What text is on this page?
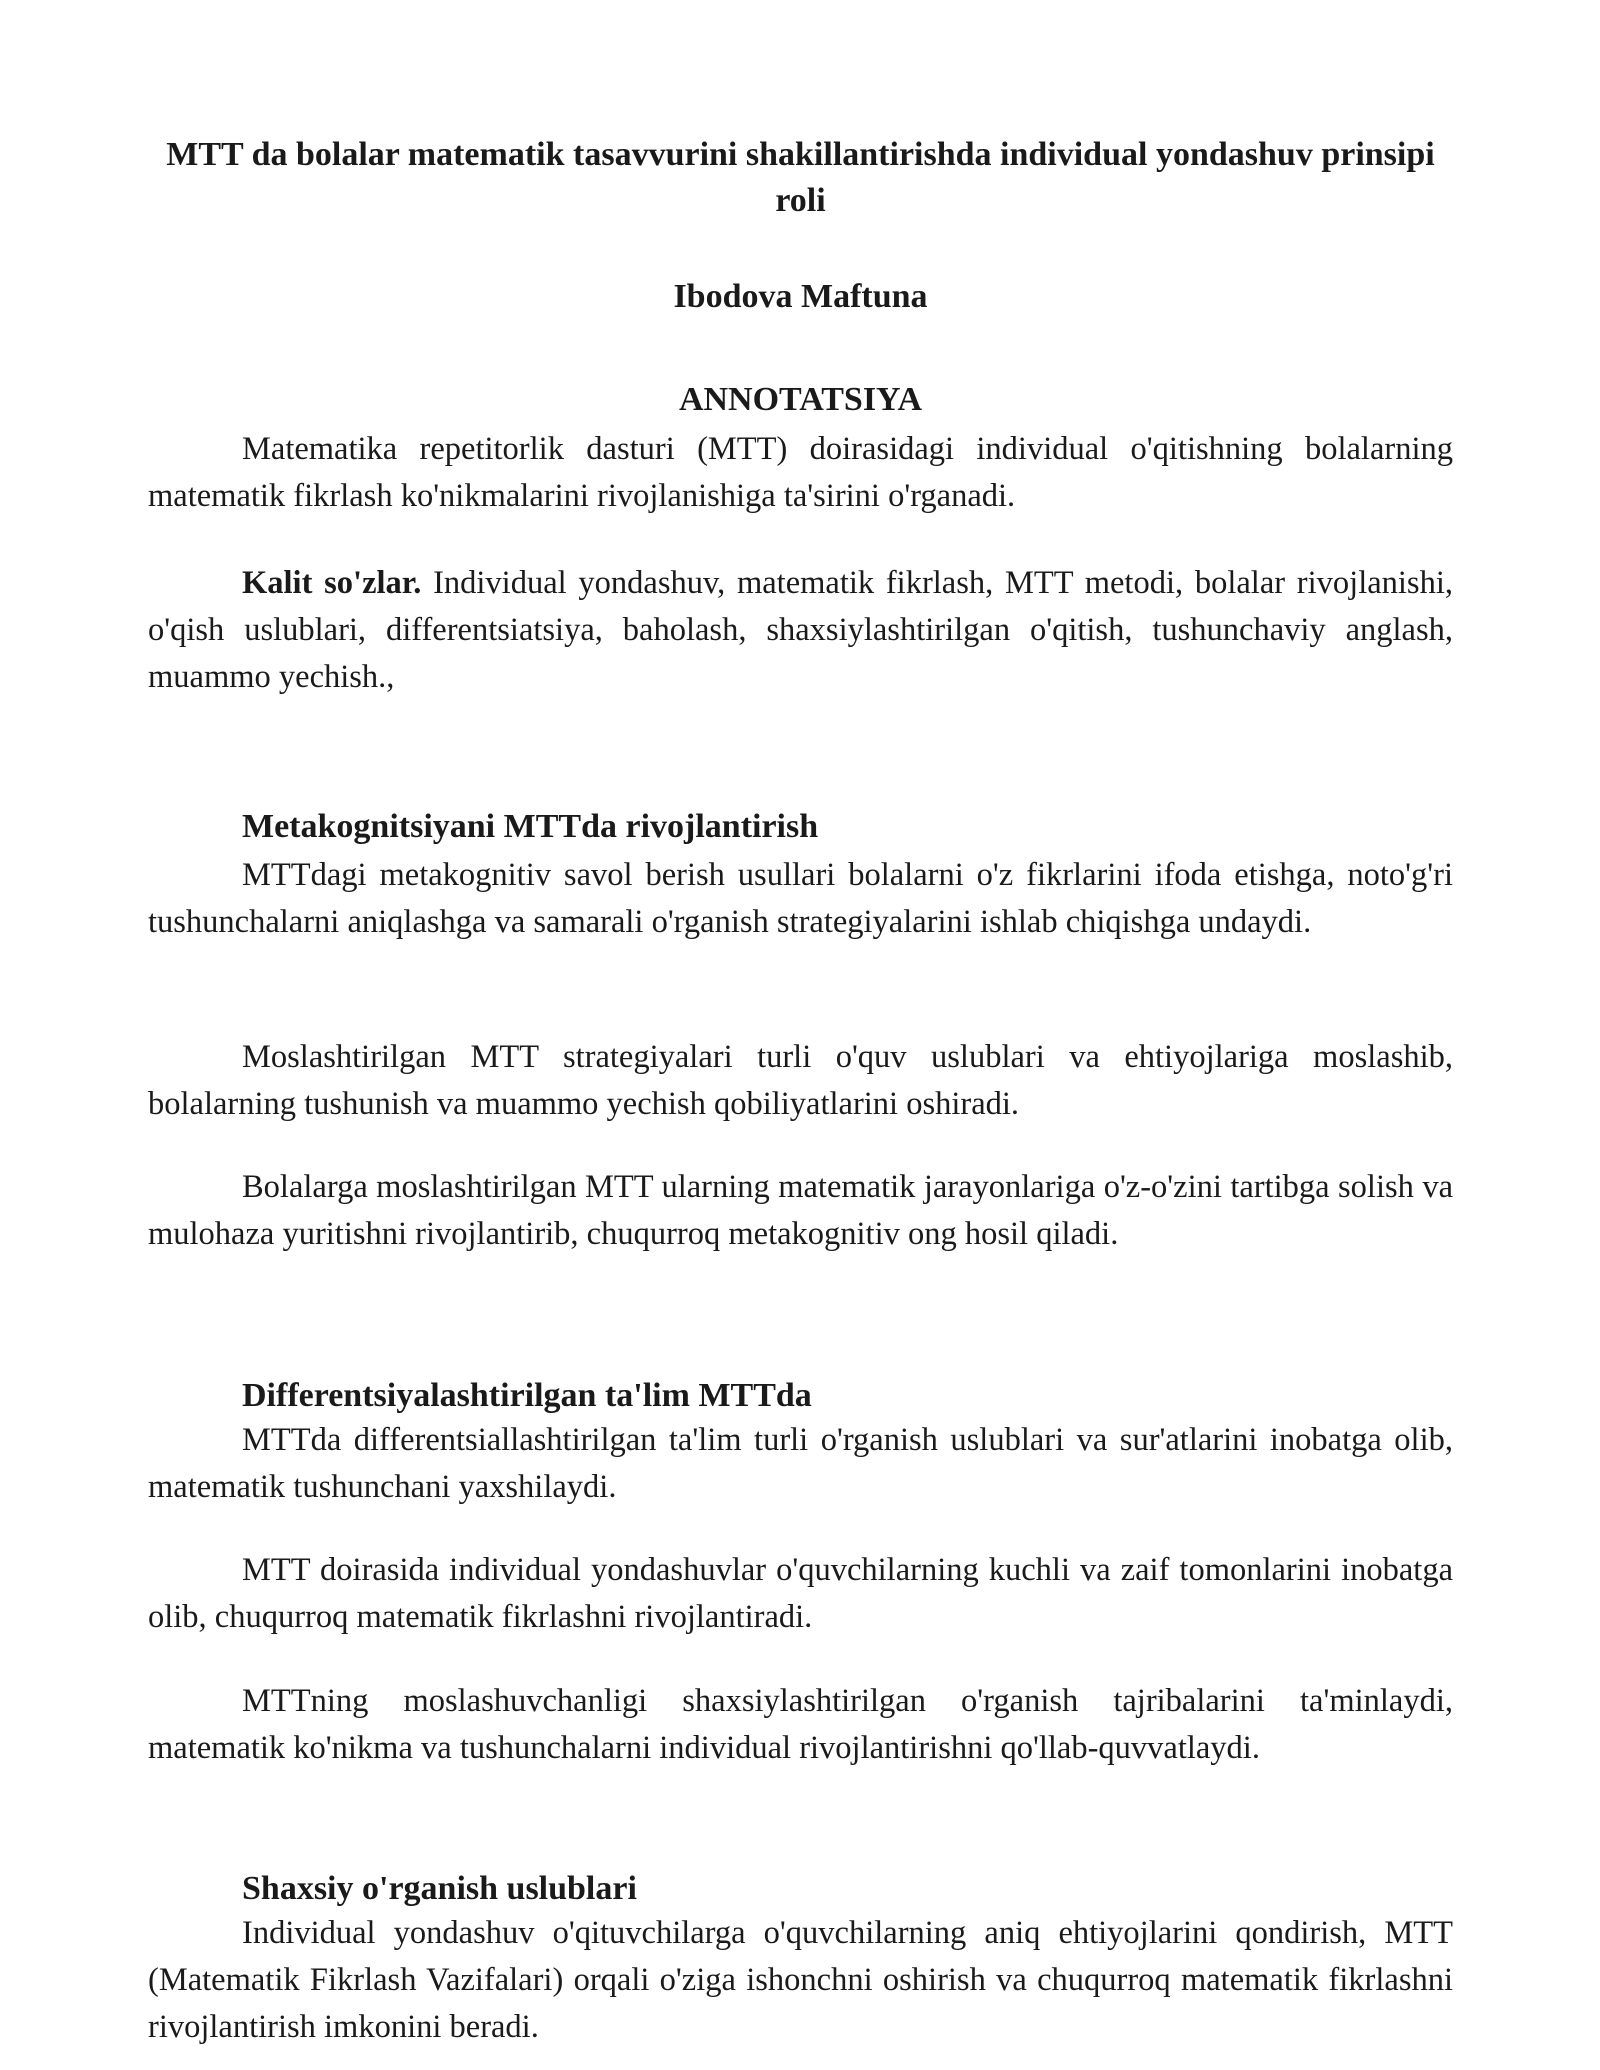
MTT da bolalar matematik tasavvurini shakillantirishda individual yondashuv prinsipi roli
Ibodova Maftuna
ANNOTATSIYA

Matematika repetitorlik dasturi (MTT) doirasidagi individual o'qitishning bolalarning matematik fikrlash ko'nikmalarini rivojlanishiga ta'sirini o'rganadi.

Kalit so'zlar. Individual yondashuv, matematik fikrlash, MTT metodi, bolalar rivojlanishi, o'qish uslublari, differentsiatsiya, baholash, shaxsiylashtirilgan o'qitish, tushunchaviy anglash, muammo yechish.,

Metakognitsiyani MTTda rivojlantirish

MTTdagi metakognitiv savol berish usullari bolalarni o'z fikrlarini ifoda etishga, noto'g'ri tushunchalarni aniqlashga va samarali o'rganish strategiyalarini ishlab chiqishga undaydi.

Moslashtirilgan MTT strategiyalari turli o'quv uslublari va ehtiyojlariga moslashib, bolalarning tushunish va muammo yechish qobiliyatlarini oshiradi.

Bolalarga moslashtirilgan MTT ularning matematik jarayonlariga o'z-o'zini tartibga solish va mulohaza yuritishni rivojlantirib, chuqurroq metakognitiv ong hosil qiladi.

Differentsiyalashtirilgan ta'lim MTTda

MTTda differentsiallashtirilgan ta'lim turli o'rganish uslublari va sur'atlarini inobatga olib, matematik tushunchani yaxshilaydi.

MTT doirasida individual yondashuvlar o'quvchilarning kuchli va zaif tomonlarini inobatga olib, chuqurroq matematik fikrlashni rivojlantiradi.

MTTning moslashuvchanligi shaxsiylashtirilgan o'rganish tajribalarini ta'minlaydi, matematik ko'nikma va tushunchalarni individual rivojlantirishni qo'llab-quvvatlaydi.

Shaxsiy o'rganish uslublari

Individual yondashuv o'qituvchilarga o'quvchilarning aniq ehtiyojlarini qondirish, MTT (Matematik Fikrlash Vazifalari) orqali o'ziga ishonchni oshirish va chuqurroq matematik fikrlashni rivojlantirish imkonini beradi.
